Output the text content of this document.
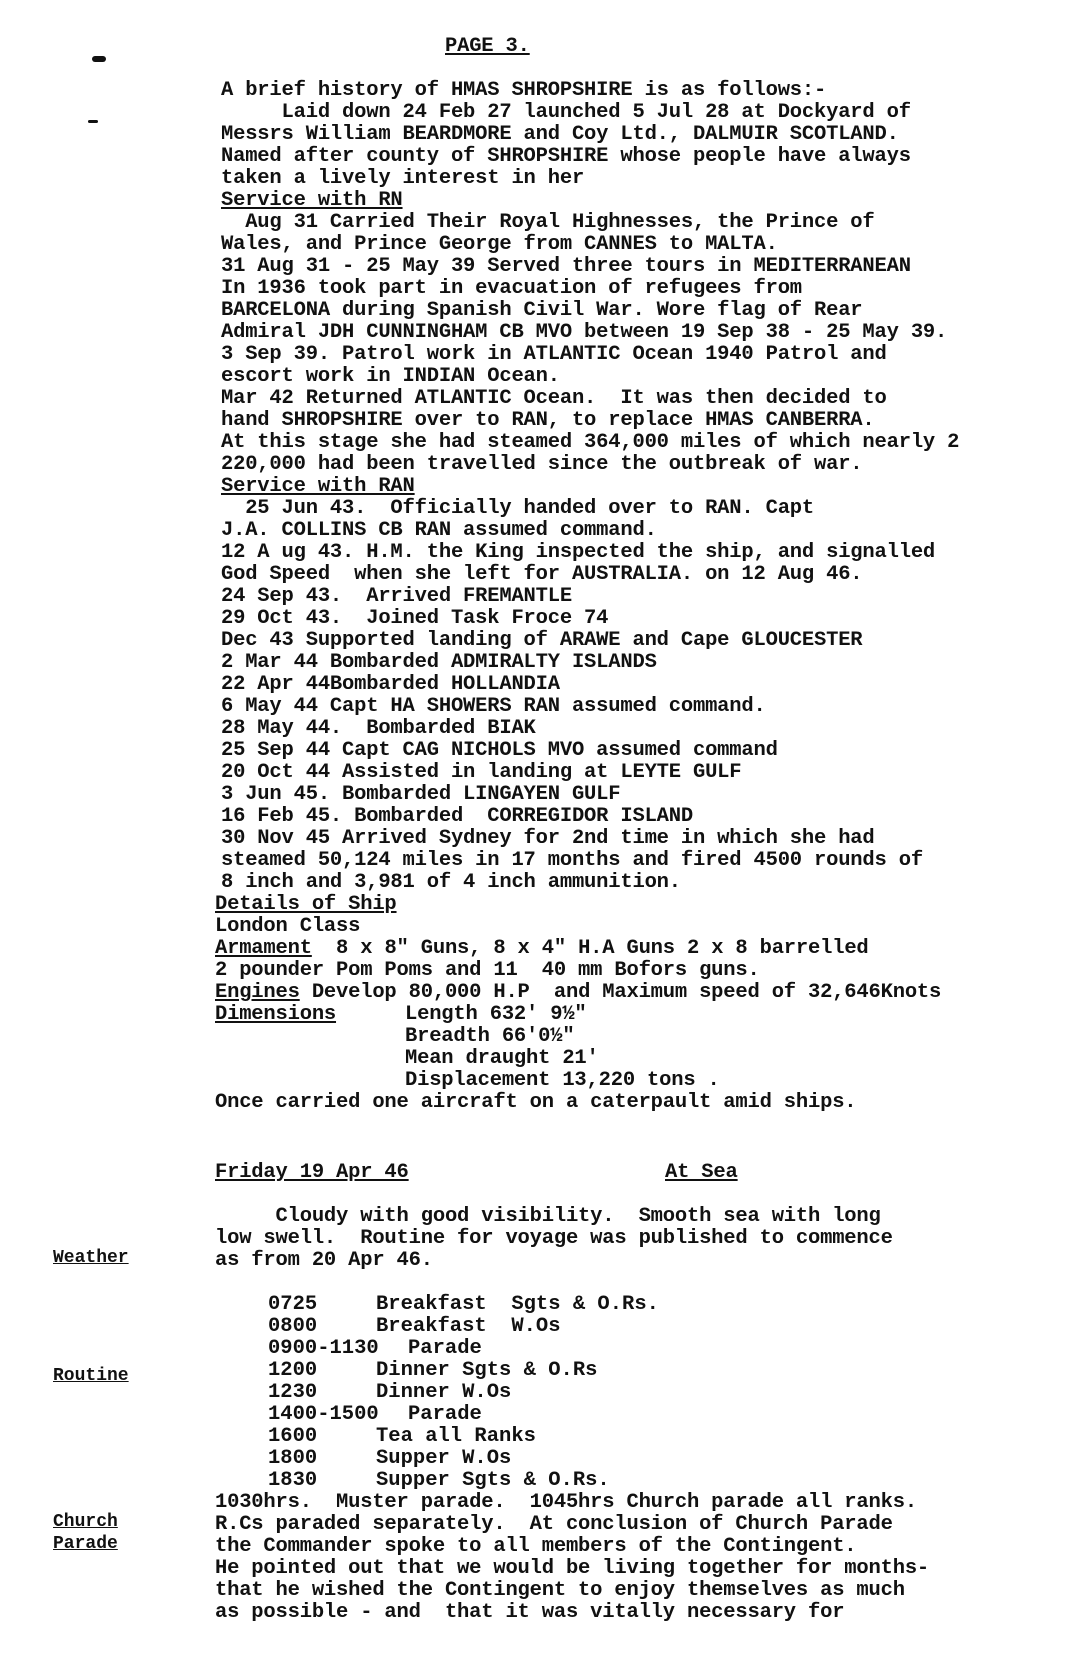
PAGE 3.
A brief history of HMAS SHROPSHIRE is as follows:-
Laid down 24 Feb 27 launched 5 Jul 28 at Dockyard of
Messrs William BEARDMORE and Coy Ltd., DALMUIR SCOTLAND.
Named after county of SHROPSHIRE whose people have always
taken a lively interest in her
Service with RN
Aug 31 Carried Their Royal Highnesses, the Prince of
Wales, and Prince George from CANNES to MALTA.
31 Aug 31 - 25 May 39 Served three tours in MEDITERRANEAN
In 1936 took part in evacuation of refugees from
BARCELONA during Spanish Civil War. Wore flag of Rear
Admiral JDH CUNNINGHAM CB MVO between 19 Sep 38 - 25 May 39.
3 Sep 39. Patrol work in ATLANTIC Ocean 1940 Patrol and
escort work in INDIAN Ocean.
Mar 42 Returned ATLANTIC Ocean.  It was then decided to
hand SHROPSHIRE over to RAN, to replace HMAS CANBERRA.
At this stage she had steamed 364,000 miles of which nearly 2
220,000 had been travelled since the outbreak of war.
Service with RAN
25 Jun 43.  Officially handed over to RAN. Capt
J.A. COLLINS CB RAN assumed command.
12 A ug 43. H.M. the King inspected the ship, and signalled
God Speed  when she left for AUSTRALIA. on 12 Aug 46.
24 Sep 43.  Arrived FREMANTLE
29 Oct 43.  Joined Task Froce 74
Dec 43 Supported landing of ARAWE and Cape GLOUCESTER
2 Mar 44 Bombarded ADMIRALTY ISLANDS
22 Apr 44Bombarded HOLLANDIA
6 May 44 Capt HA SHOWERS RAN assumed command.
28 May 44.  Bombarded BIAK
25 Sep 44 Capt CAG NICHOLS MVO assumed command
20 Oct 44 Assisted in landing at LEYTE GULF
3 Jun 45. Bombarded LINGAYEN GULF
16 Feb 45. Bombarded  CORREGIDOR ISLAND
30 Nov 45 Arrived Sydney for 2nd time in which she had
steamed 50,124 miles in 17 months and fired 4500 rounds of
8 inch and 3,981 of 4 inch ammunition.
Details of Ship
London Class
Armament  8 x 8" Guns, 8 x 4" H.A Guns 2 x 8 barrelled
2 pounder Pom Poms and 11  40 mm Bofors guns.
Engines Develop 80,000 H.P  and Maximum speed of 32,646Knots
Dimensions	Length 632' 9½"
Breadth 66'0½"
Mean draught 21'
Displacement 13,220 tons .
Once carried one aircraft on a caterpault amid ships.
Friday 19 Apr 46	At Sea
Weather
Cloudy with good visibility.  Smooth sea with long
low swell.  Routine for voyage was published to commence
as from 20 Apr 46.
Routine
0725	Breakfast  Sgts & O.Rs.
0800	Breakfast  W.Os
0900-1130 Parade
1200	Dinner Sgts & O.Rs
1230	Dinner W.Os
1400-1500 Parade
1600	Tea all Ranks
1800	Supper W.Os
1830	Supper Sgts & O.Rs.
Church
Parade
1030hrs.  Muster parade.  1045hrs Church parade all ranks.
R.Cs paraded separately.  At conclusion of Church Parade
the Commander spoke to all members of the Contingent.
He pointed out that we would be living together for months-
that he wished the Contingent to enjoy themselves as much
as possible - and  that it was vitally necessary for
